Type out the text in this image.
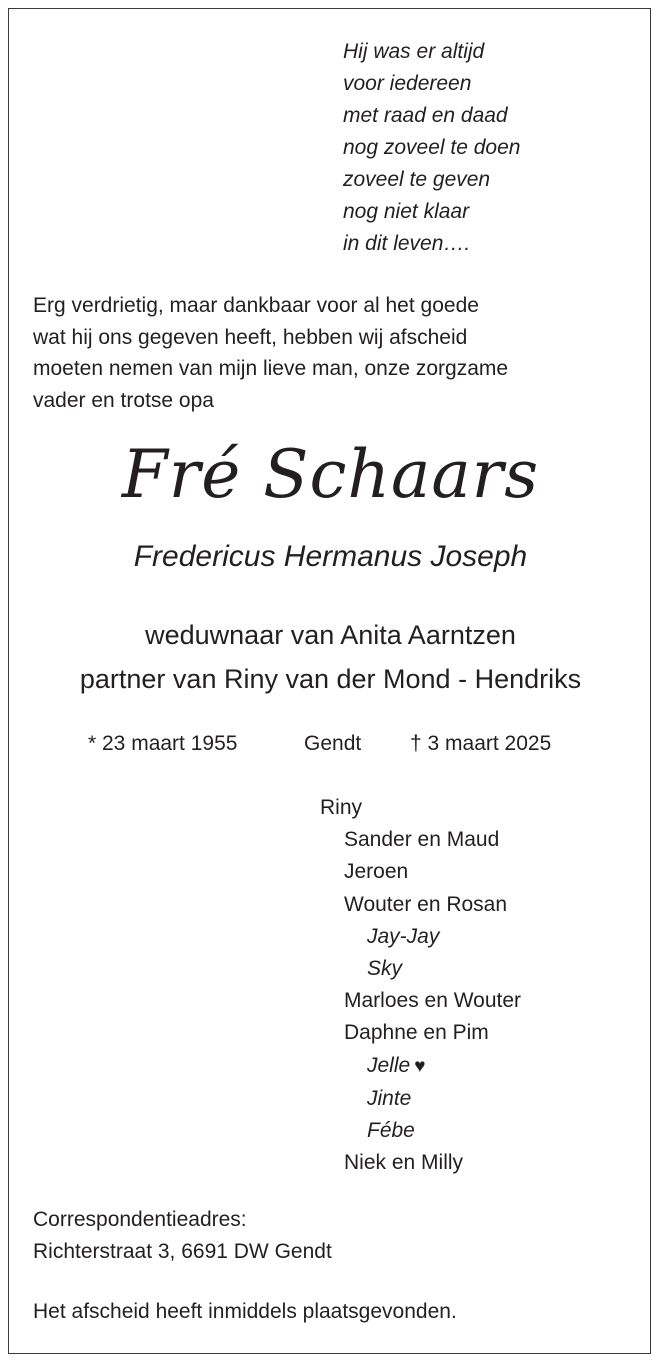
Hij was er altijd
voor iedereen
met raad en daad
nog zoveel te doen
zoveel te geven
nog niet klaar
in dit leven….
Erg verdrietig, maar dankbaar voor al het goede
wat hij ons gegeven heeft, hebben wij afscheid
moeten nemen van mijn lieve man, onze zorgzame
vader en trotse opa
Fré Schaars
Fredericus Hermanus Joseph
weduwnaar van Anita Aarntzen
partner van Riny van der Mond - Hendriks
* 23 maart 1955	Gendt † 3 maart 2025
Riny
Sander en Maud
Jeroen
Wouter en Rosan
Jay-Jay
Sky
Marloes en Wouter
Daphne en Pim
Jelle ♥
Jinte
Fébe
Niek en Milly
Correspondentieadres:
Richterstraat 3, 6691 DW Gendt
Het afscheid heeft inmiddels plaatsgevonden.
